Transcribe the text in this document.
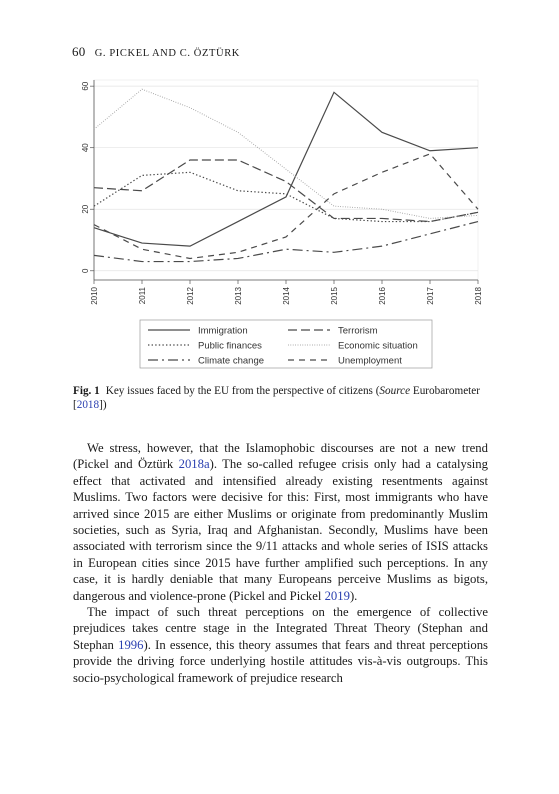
60 G. PICKEL AND C. ÖZTÜRK
0
20
40
60
2010	2011	2012	2013	2014	2015	2016	2017	2018
Immigration	Terrorism
Public finances	Economic situation
Climate change	Unemployment
Fig. 1 Key issues faced by the EU from the perspective of citizens (Source Eurobarometer [2018])

We stress, however, that the Islamophobic discourses are not a new trend (Pickel and Öztürk 2018a). The so-called refugee crisis only had a catalysing effect that activated and intensified already existing resentments against Muslims. Two factors were decisive for this: First, most immigrants who have arrived since 2015 are either Muslims or originate from predominantly Muslim societies, such as Syria, Iraq and Afghanistan. Secondly, Muslims have been associated with terrorism since the 9/11 attacks and whole series of ISIS attacks in European cities since 2015 have further amplified such perceptions. In any case, it is hardly deniable that many Europeans perceive Muslims as bigots, dangerous and violence-prone (Pickel and Pickel 2019).

The impact of such threat perceptions on the emergence of collective prejudices takes centre stage in the Integrated Threat Theory (Stephan and Stephan 1996). In essence, this theory assumes that fears and threat perceptions provide the driving force underlying hostile attitudes vis-à-vis outgroups. This socio-psychological framework of prejudice research
